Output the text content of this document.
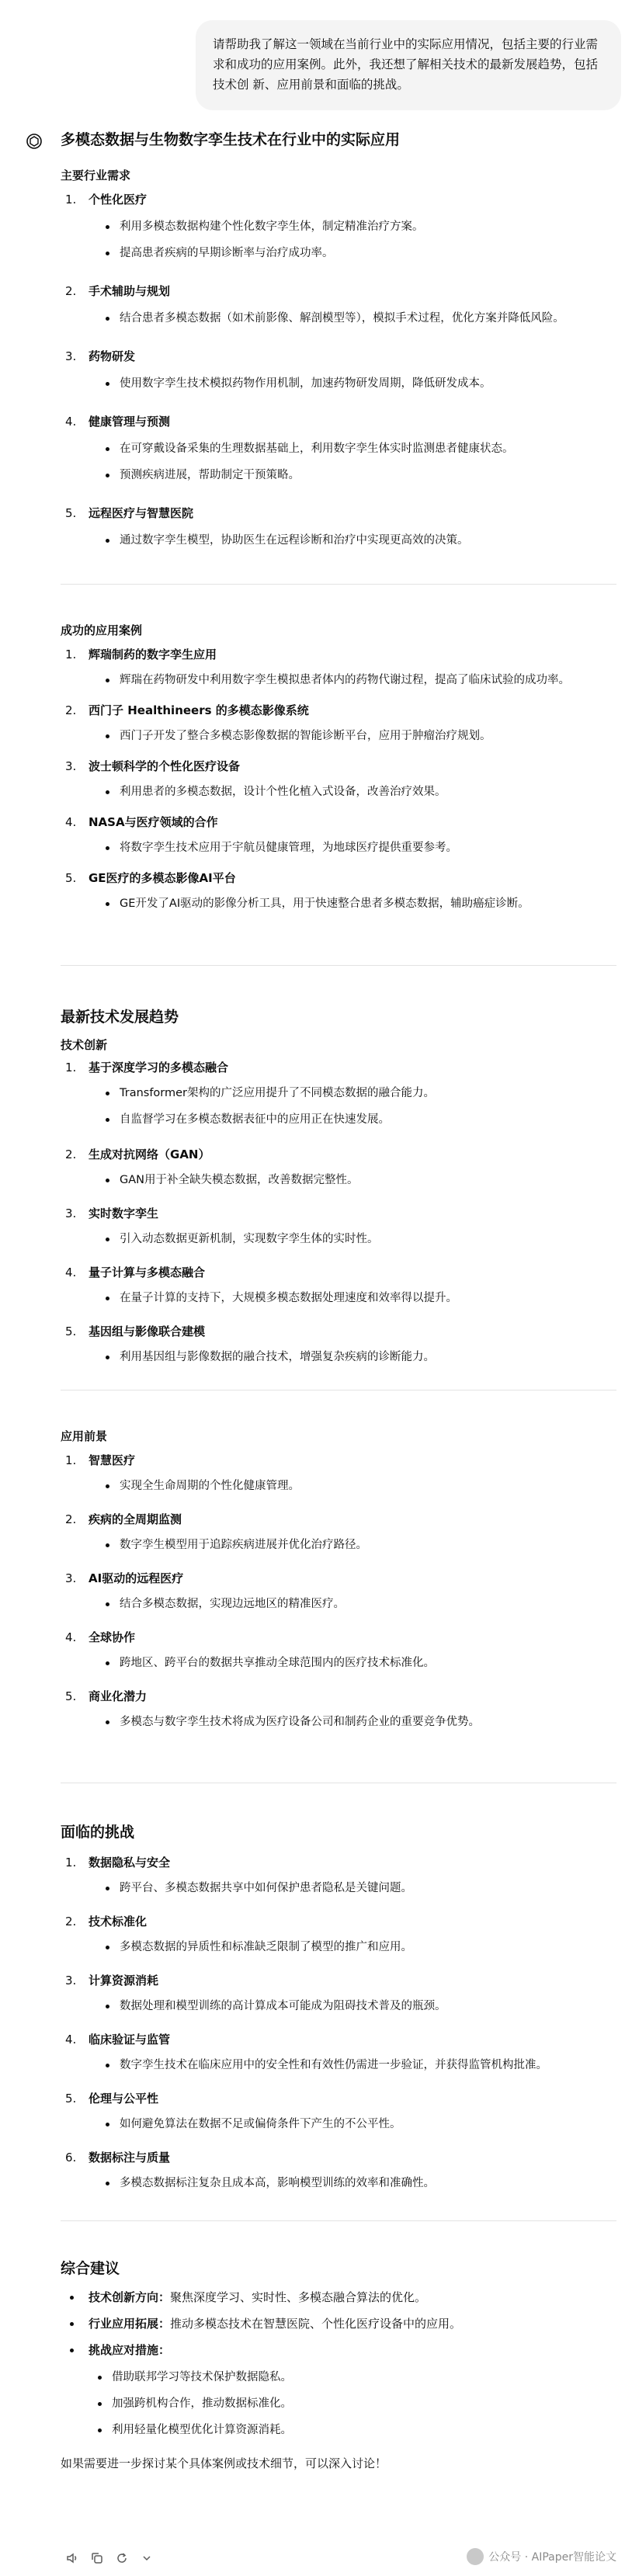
请帮助我了解这一领域在当前行业中的实际应用情况，包括主要的行业需求和成功的应用案例。此外，我还想了解相关技术的最新发展趋势，包括技术创 新、应用前景和面临的挑战。
多模态数据与生物数字孪生技术在行业中的实际应用
主要行业需求
1. 个性化医疗
利用多模态数据构建个性化数字孪生体，制定精准治疗方案。
提高患者疾病的早期诊断率与治疗成功率。
2. 手术辅助与规划
结合患者多模态数据（如术前影像、解剖模型等），模拟手术过程，优化方案并降低风险。
3. 药物研发
使用数字孪生技术模拟药物作用机制，加速药物研发周期，降低研发成本。
4. 健康管理与预测
在可穿戴设备采集的生理数据基础上，利用数字孪生体实时监测患者健康状态。
预测疾病进展，帮助制定干预策略。
5. 远程医疗与智慧医院
通过数字孪生模型，协助医生在远程诊断和治疗中实现更高效的决策。
成功的应用案例
1. 辉瑞制药的数字孪生应用
辉瑞在药物研发中利用数字孪生模拟患者体内的药物代谢过程，提高了临床试验的成功率。
2. 西门子 Healthineers 的多模态影像系统
西门子开发了整合多模态影像数据的智能诊断平台，应用于肿瘤治疗规划。
3. 波士顿科学的个性化医疗设备
利用患者的多模态数据，设计个性化植入式设备，改善治疗效果。
4. NASA与医疗领域的合作
将数字孪生技术应用于宇航员健康管理，为地球医疗提供重要参考。
5. GE医疗的多模态影像AI平台
GE开发了AI驱动的影像分析工具，用于快速整合患者多模态数据，辅助癌症诊断。
最新技术发展趋势
技术创新
1. 基于深度学习的多模态融合
Transformer架构的广泛应用提升了不同模态数据的融合能力。
自监督学习在多模态数据表征中的应用正在快速发展。
2. 生成对抗网络（GAN）
GAN用于补全缺失模态数据，改善数据完整性。
3. 实时数字孪生
引入动态数据更新机制，实现数字孪生体的实时性。
4. 量子计算与多模态融合
在量子计算的支持下，大规模多模态数据处理速度和效率得以提升。
5. 基因组与影像联合建模
利用基因组与影像数据的融合技术，增强复杂疾病的诊断能力。
应用前景
1. 智慧医疗
实现全生命周期的个性化健康管理。
2. 疾病的全周期监测
数字孪生模型用于追踪疾病进展并优化治疗路径。
3. AI驱动的远程医疗
结合多模态数据，实现边远地区的精准医疗。
4. 全球协作
跨地区、跨平台的数据共享推动全球范围内的医疗技术标准化。
5. 商业化潜力
多模态与数字孪生技术将成为医疗设备公司和制药企业的重要竞争优势。
面临的挑战
1. 数据隐私与安全
跨平台、多模态数据共享中如何保护患者隐私是关键问题。
2. 技术标准化
多模态数据的异质性和标准缺乏限制了模型的推广和应用。
3. 计算资源消耗
数据处理和模型训练的高计算成本可能成为阻碍技术普及的瓶颈。
4. 临床验证与监管
数字孪生技术在临床应用中的安全性和有效性仍需进一步验证，并获得监管机构批准。
5. 伦理与公平性
如何避免算法在数据不足或偏倚条件下产生的不公平性。
6. 数据标注与质量
多模态数据标注复杂且成本高，影响模型训练的效率和准确性。
综合建议
技术创新方向：聚焦深度学习、实时性、多模态融合算法的优化。
行业应用拓展：推动多模态技术在智慧医院、个性化医疗设备中的应用。
挑战应对措施：
借助联邦学习等技术保护数据隐私。
加强跨机构合作，推动数据标准化。
利用轻量化模型优化计算资源消耗。
如果需要进一步探讨某个具体案例或技术细节，可以深入讨论！
公众号 · AIPaper智能论文
